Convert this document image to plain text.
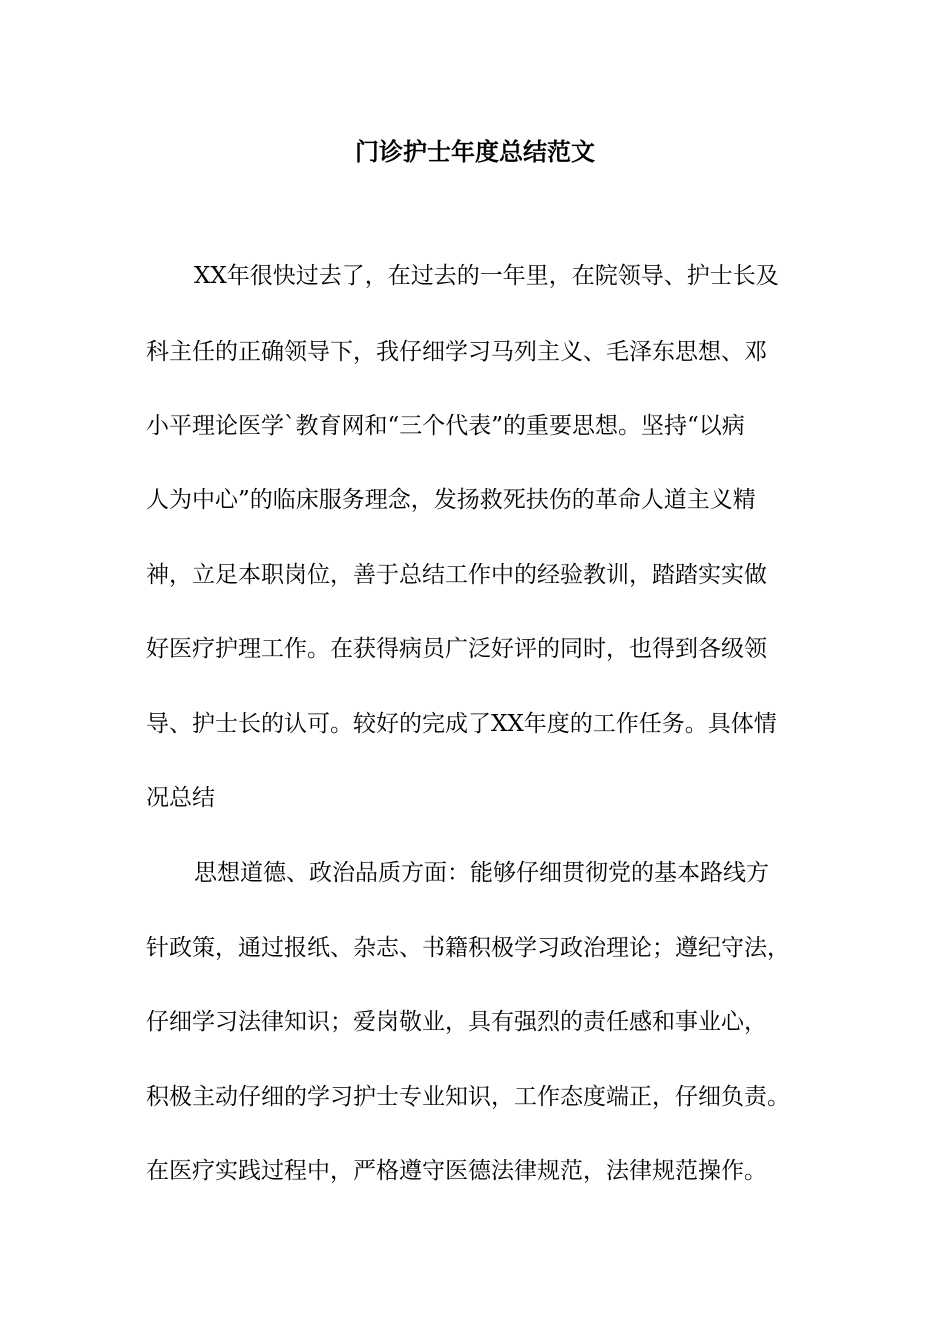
门诊护士年度总结范文

XX年很快过去了，在过去的一年里，在院领导、护士长及

科主任的正确领导下，我仔细学习马列主义、毛泽东思想、邓

小平理论医学`教育网和“三个代表”的重要思想。坚持“以病

人为中心”的临床服务理念，发扬救死扶伤的革命人道主义精

神，立足本职岗位，善于总结工作中的经验教训，踏踏实实做

好医疗护理工作。在获得病员广泛好评的同时，也得到各级领

导、护士长的认可。较好的完成了XX年度的工作任务。具体情

况总结

思想道德、政治品质方面：能够仔细贯彻党的基本路线方

针政策，通过报纸、杂志、书籍积极学习政治理论；遵纪守法，

仔细学习法律知识；爱岗敬业，具有强烈的责任感和事业心，

积极主动仔细的学习护士专业知识，工作态度端正，仔细负责。

在医疗实践过程中，严格遵守医德法律规范，法律规范操作。
